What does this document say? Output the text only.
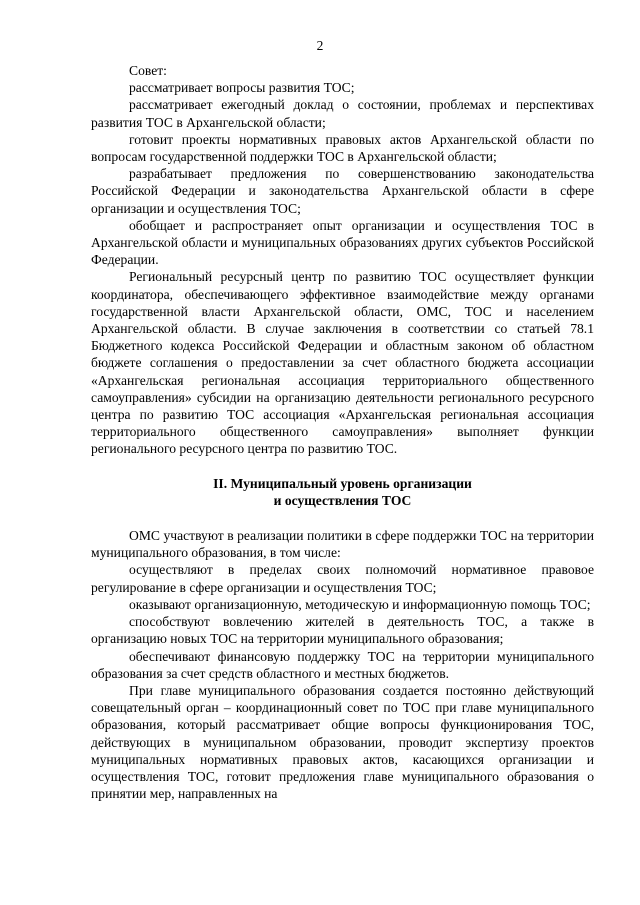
2

Совет:

рассматривает вопросы развития ТОС;

рассматривает ежегодный доклад о состоянии, проблемах и перспективах развития ТОС в Архангельской области;

готовит проекты нормативных правовых актов Архангельской области по вопросам государственной поддержки ТОС в Архангельской области;

разрабатывает предложения по совершенствованию законодательства Российской Федерации и законодательства Архангельской области в сфере организации и осуществления ТОС;

обобщает и распространяет опыт организации и осуществления ТОС в Архангельской области и муниципальных образованиях других субъектов Российской Федерации.

Региональный ресурсный центр по развитию ТОС осуществляет функции координатора, обеспечивающего эффективное взаимодействие между органами государственной власти Архангельской области, ОМС, ТОС и населением Архангельской области. В случае заключения в соответствии со статьей 78.1 Бюджетного кодекса Российской Федерации и областным законом об областном бюджете соглашения о предоставлении за счет областного бюджета ассоциации «Архангельская региональная ассоциация территориального общественного самоуправления» субсидии на организацию деятельности регионального ресурсного центра по развитию ТОС ассоциация «Архангельская региональная ассоциация территориального общественного самоуправления» выполняет функции регионального ресурсного центра по развитию ТОС.

II. Муниципальный уровень организации
и осуществления ТОС

ОМС участвуют в реализации политики в сфере поддержки ТОС на территории муниципального образования, в том числе:

осуществляют в пределах своих полномочий нормативное правовое регулирование в сфере организации и осуществления ТОС;

оказывают организационную, методическую и информационную помощь ТОС;

способствуют вовлечению жителей в деятельность ТОС, а также в организацию новых ТОС на территории муниципального образования;

обеспечивают финансовую поддержку ТОС на территории муниципального образования за счет средств областного и местных бюджетов.

При главе муниципального образования создается постоянно действующий совещательный орган – координационный совет по ТОС при главе муниципального образования, который рассматривает общие вопросы функционирования ТОС, действующих в муниципальном образовании, проводит экспертизу проектов муниципальных нормативных правовых актов, касающихся организации и осуществления ТОС, готовит предложения главе муниципального образования о принятии мер, направленных на
